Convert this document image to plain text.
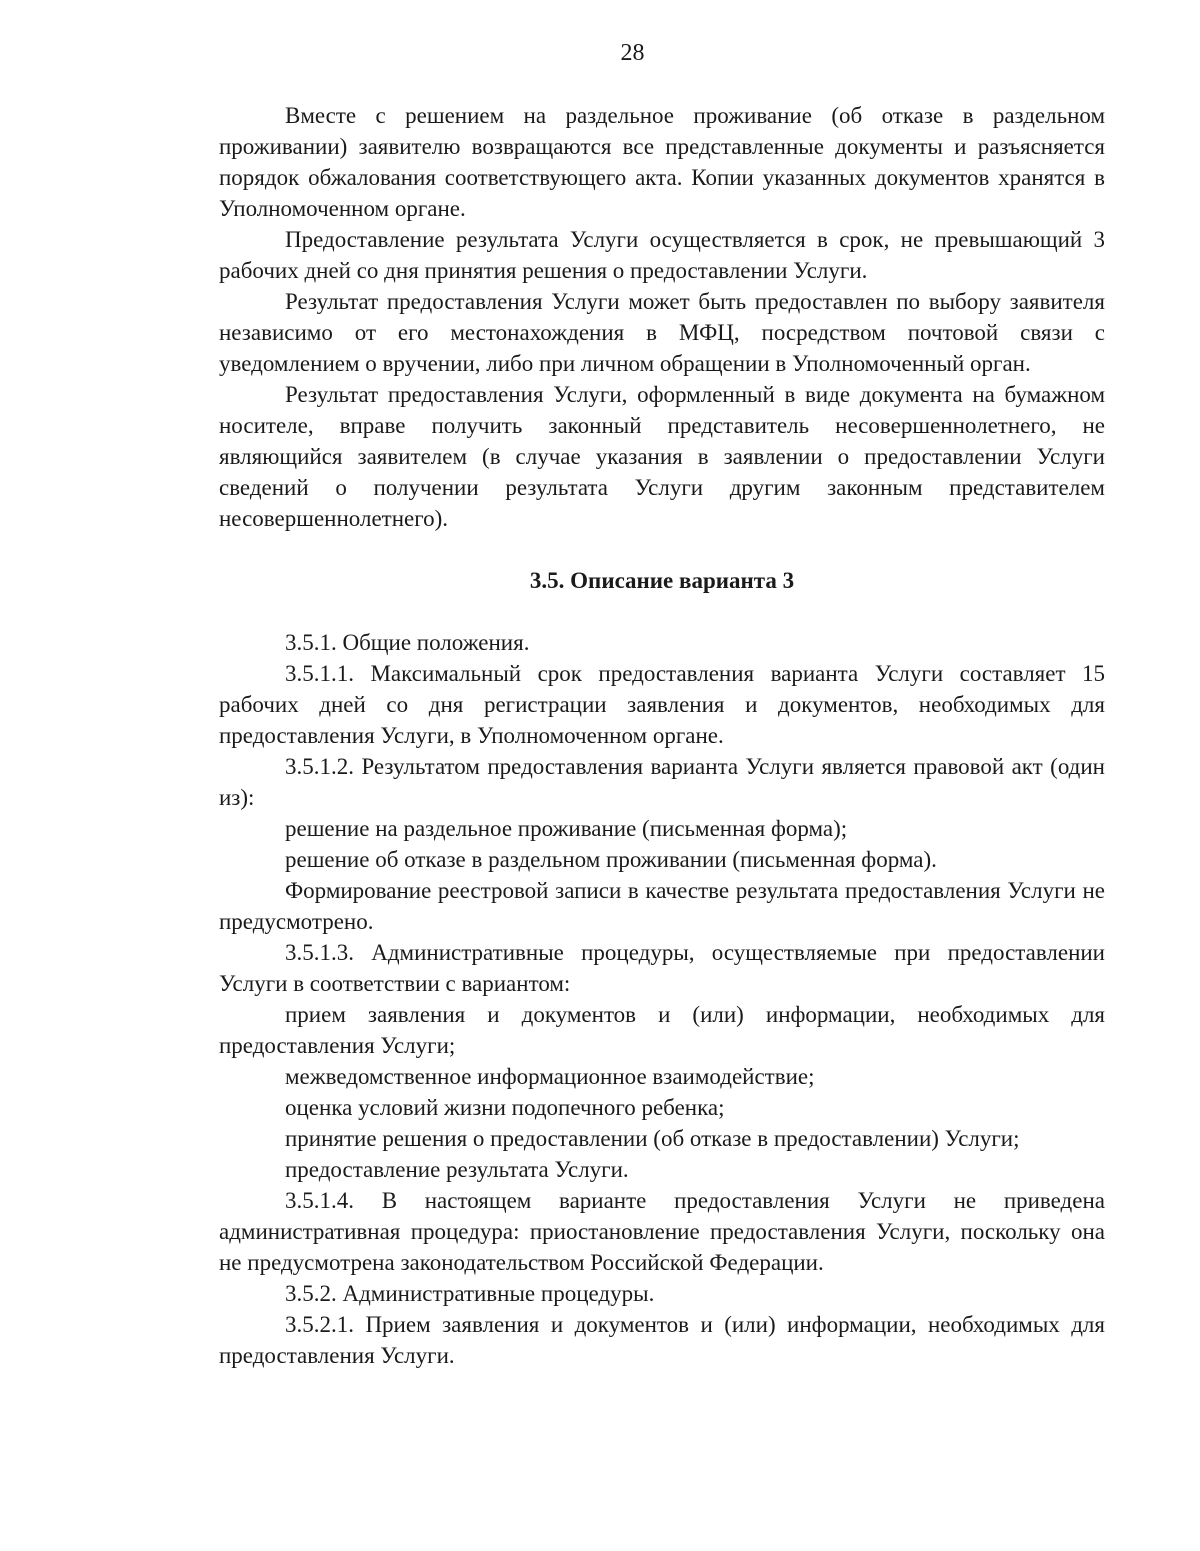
28

Вместе с решением на раздельное проживание (об отказе в раздельном проживании) заявителю возвращаются все представленные документы и разъясняется порядок обжалования соответствующего акта. Копии указанных документов хранятся в Уполномоченном органе.

Предоставление результата Услуги осуществляется в срок, не превышающий 3 рабочих дней со дня принятия решения о предоставлении Услуги.

Результат предоставления Услуги может быть предоставлен по выбору заявителя независимо от его местонахождения в МФЦ, посредством почтовой связи с уведомлением о вручении, либо при личном обращении в Уполномоченный орган.

Результат предоставления Услуги, оформленный в виде документа на бумажном носителе, вправе получить законный представитель несовершеннолетнего, не являющийся заявителем (в случае указания в заявлении о предоставлении Услуги сведений о получении результата Услуги другим законным представителем несовершеннолетнего).

3.5. Описание варианта 3

3.5.1. Общие положения.

3.5.1.1. Максимальный срок предоставления варианта Услуги составляет 15 рабочих дней со дня регистрации заявления и документов, необходимых для предоставления Услуги, в Уполномоченном органе.

3.5.1.2. Результатом предоставления варианта Услуги является правовой акт (один из):

решение на раздельное проживание (письменная форма);

решение об отказе в раздельном проживании (письменная форма).

Формирование реестровой записи в качестве результата предоставления Услуги не предусмотрено.

3.5.1.3. Административные процедуры, осуществляемые при предоставлении Услуги в соответствии с вариантом:

прием заявления и документов и (или) информации, необходимых для предоставления Услуги;

межведомственное информационное взаимодействие;

оценка условий жизни подопечного ребенка;

принятие решения о предоставлении (об отказе в предоставлении) Услуги;

предоставление результата Услуги.

3.5.1.4. В настоящем варианте предоставления Услуги не приведена административная процедура: приостановление предоставления Услуги, поскольку она не предусмотрена законодательством Российской Федерации.

3.5.2. Административные процедуры.

3.5.2.1. Прием заявления и документов и (или) информации, необходимых для предоставления Услуги.
